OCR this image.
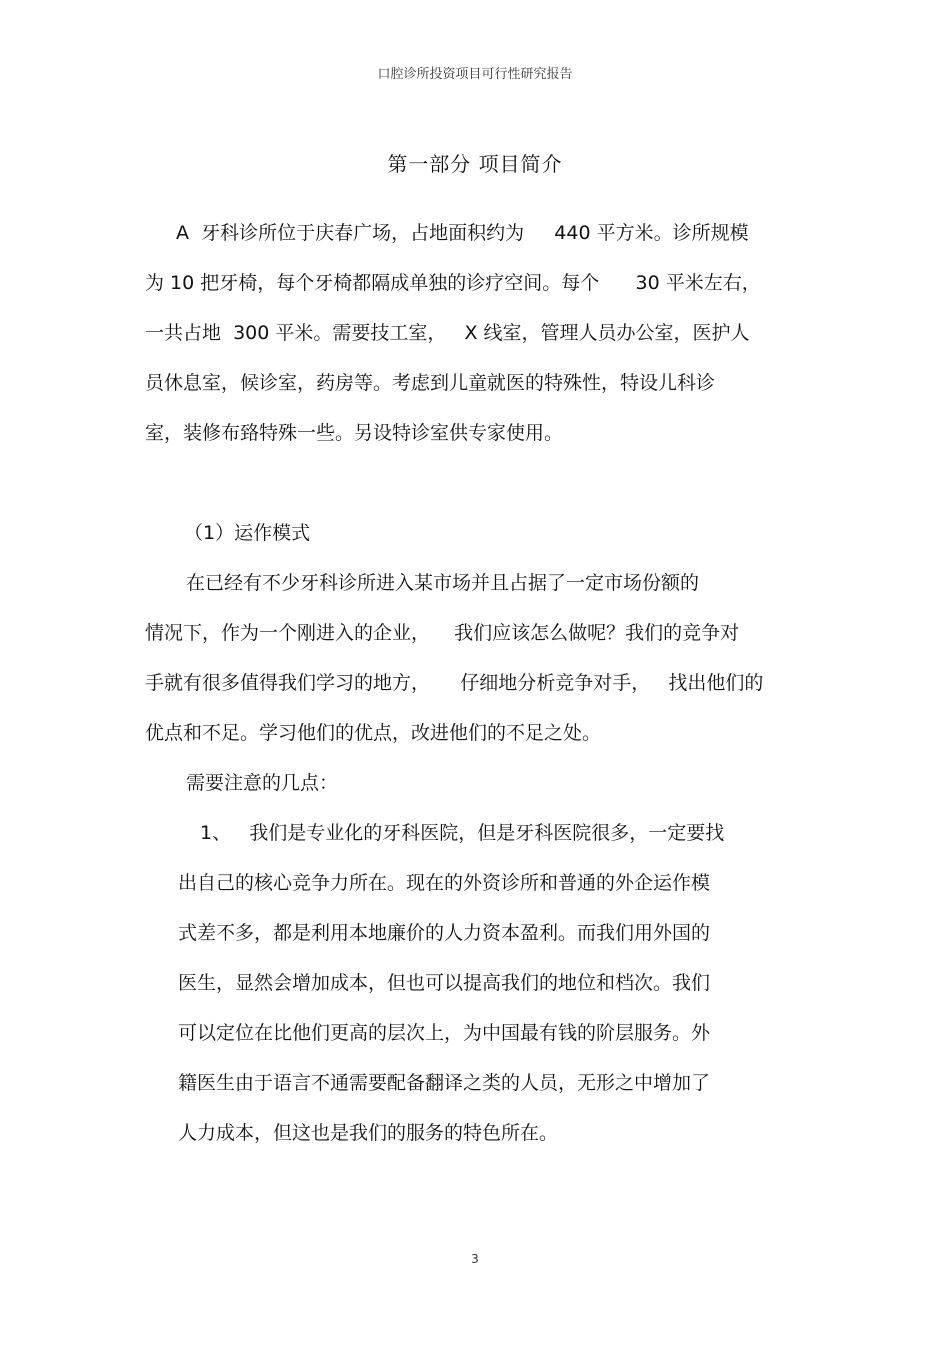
口腔诊所投资项目可行性研究报告
第一部分 项目简介
A  牙科诊所位于庆春广场，占地面积约为     440 平方米。诊所规模
为 10 把牙椅，每个牙椅都隔成单独的诊疗空间。每个      30 平米左右，
一共占地  300 平米。需要技工室，   X 线室，管理人员办公室，医护人
员休息室，候诊室，药房等。考虑到儿童就医的特殊性，特设儿科诊
室，装修布臵特殊一些。另设特诊室供专家使用。
（1）运作模式
在已经有不少牙科诊所进入某市场并且占据了一定市场份额的
情况下，作为一个刚进入的企业，    我们应该怎么做呢？我们的竞争对
手就有很多值得我们学习的地方，     仔细地分析竞争对手，   找出他们的
优点和不足。学习他们的优点，改进他们的不足之处。
需要注意的几点：
1、   我们是专业化的牙科医院，但是牙科医院很多，一定要找
出自己的核心竞争力所在。现在的外资诊所和普通的外企运作模
式差不多，都是利用本地廉价的人力资本盈利。而我们用外国的
医生，显然会增加成本，但也可以提高我们的地位和档次。我们
可以定位在比他们更高的层次上，为中国最有钱的阶层服务。外
籍医生由于语言不通需要配备翻译之类的人员，无形之中增加了
人力成本，但这也是我们的服务的特色所在。
3
